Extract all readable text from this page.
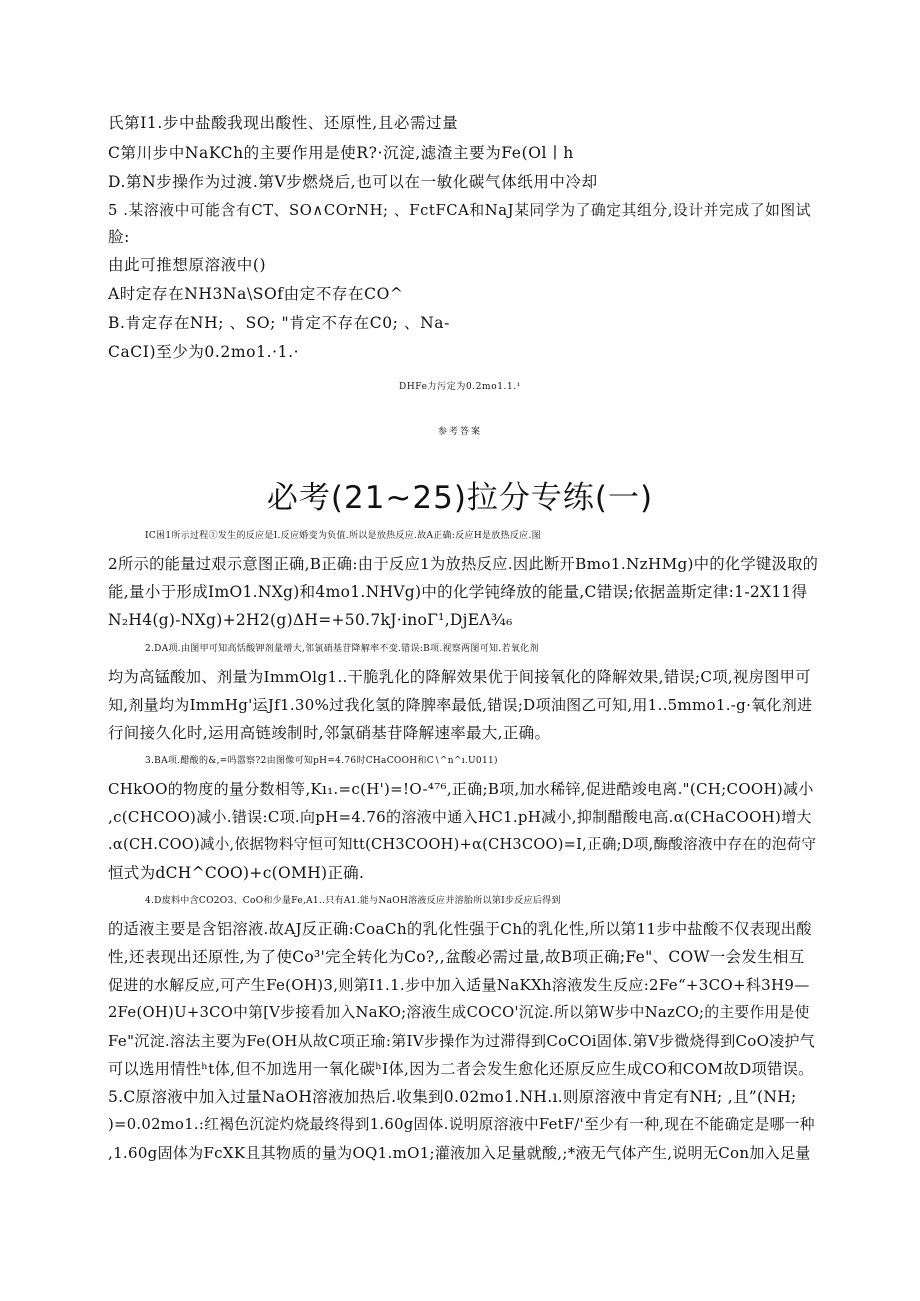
氏第I1.步中盐酸我现出酸性、还原性,且必需过量
C第川步中NaKCh的主要作用是使R?·沉淀,滤渣主要为Fe(Ol ∣ h
D.第N步操作为过渡.第V步燃烧后,也可以在一敏化碳气体纸用中冷却
5 .某溶液中可能含有CT、SO∧COrNH; 、FctFCA和NaJ某同学为了确定其组分,设计并完成了如图试
脸:
由此可推想原溶液中()
A时定存在NH3Na\SOf由定不存在CO^
B.肯定存在NH; 、SO; "肯定不存在C0; 、Na-
CaCI)至少为0.2mo1.·1.·
DHFe力污定为0.2mo1.1.¹
参考答案
必考(21~25)拉分专练(一)
IC困1所示过程①发生的反应是I.反应婚变为负值.所以是放热反应.故A正确:反应H是放热反应.图
2所示的能量过艰示意图正确,B正确:由于反应1为放热反应.因此断开Bmo1.NzHMg)中的化学键汲取的
能,量小于形成ImO1.NXg)和4mo1.NHVg)中的化学钝绛放的能量,C错误;依据盖斯定律:1-2X11得
N₂H4(g)-NXg)+2H2(g)ΔH=+50.7kJ·inoΓ¹,DjEΛ¾₆
2.DA项.由图甲可知高恬酸钾剂量增大,邻氯硝基苷降解率不变.错误:B项.视察两图可知.若氧化剂
均为高锰酸加、剂量为ImmOlg1..干脆乳化的降解效果优于间接氧化的降解效果,错误;C项,视房图甲可
知,剂量均为ImmHg'运Jf1.30%过我化氢的降脾率最低,错误;D项油图乙可知,用1..5mmo1.-g·氧化剂进
行间接久化时,运用高链竣制时,邻氯硝基苷降解速率最大,正确。
3.BA项.醋酸的&,=吗嚣察?2由图像可知pH=4.76时CHaCOOH和C∖^n^ı.U011)
CHkOO的物度的量分数相等,Kı₁.=c(H')=!O-⁴⁷⁶,正确;B项,加水稀锌,促进酷竣电离."(CH;COOH)减小
,c(CHCOO)减小.错误:C项.向pH=4.76的溶液中通入HC1.pH减小,抑制醋酸电高.α(CHaCOOH)增大
.α(CH.COO)减小,依据物料守恒可知tt(CH3COOH)+α(CH3COO)=I,正确;D项,酶酸溶液中存在的泡荷守
恒式为dCH^COO)+c(OMH)正确.
4.D废料中含CO2O3、CoO和少量Fe,A1..只有A1.能与NaOH溶液反应并溶胎所以第I步反应后得到
的适液主要是含铝溶液.故AJ反正确:CoaCh的乳化性强于Ch的乳化性,所以第11步中盐酸不仅表现出酸
性,还表现出还原性,为了使Co³'完全转化为Co?,,盆酸必需过量,故B项正确;Fe"、COW一会发生相互
促进的水解反应,可产生Fe(OH)3,则第I1.1.步中加入适量NaKXh溶液发生反应:2Fe“+3CO+科3H9—
2Fe(OH)U+3CO中第[V步接看加入NaKO;溶液生成COCO'沉淀.所以第W步中NazCO;的主要作用是使
Fe"沉淀.溶法主要为Fe(OH从故C项正瑜:第IV步操作为过滞得到CoCOi固体.第V步微烧得到CoO凌护气
可以选用情性ʰt体,但不加选用一氧化碳ʰI体,因为二者会发生愈化还原反应生成CO和COM故D项错误。
5.C原溶液中加入过量NaOH溶液加热后.收集到0.02mo1.NH.ı.则原溶液中肯定有NH; ,且”(NH;
)=0.02mo1.:红褐色沉淀灼烧最终得到1.60g固体.说明原溶液中FetF/'至少有一种,现在不能确定是哪一种
,1.60g固体为FcXK且其物质的量为OQ1.mO1;灌液加入足量就酸,;*液无气体产生,说明无Con加入足量
